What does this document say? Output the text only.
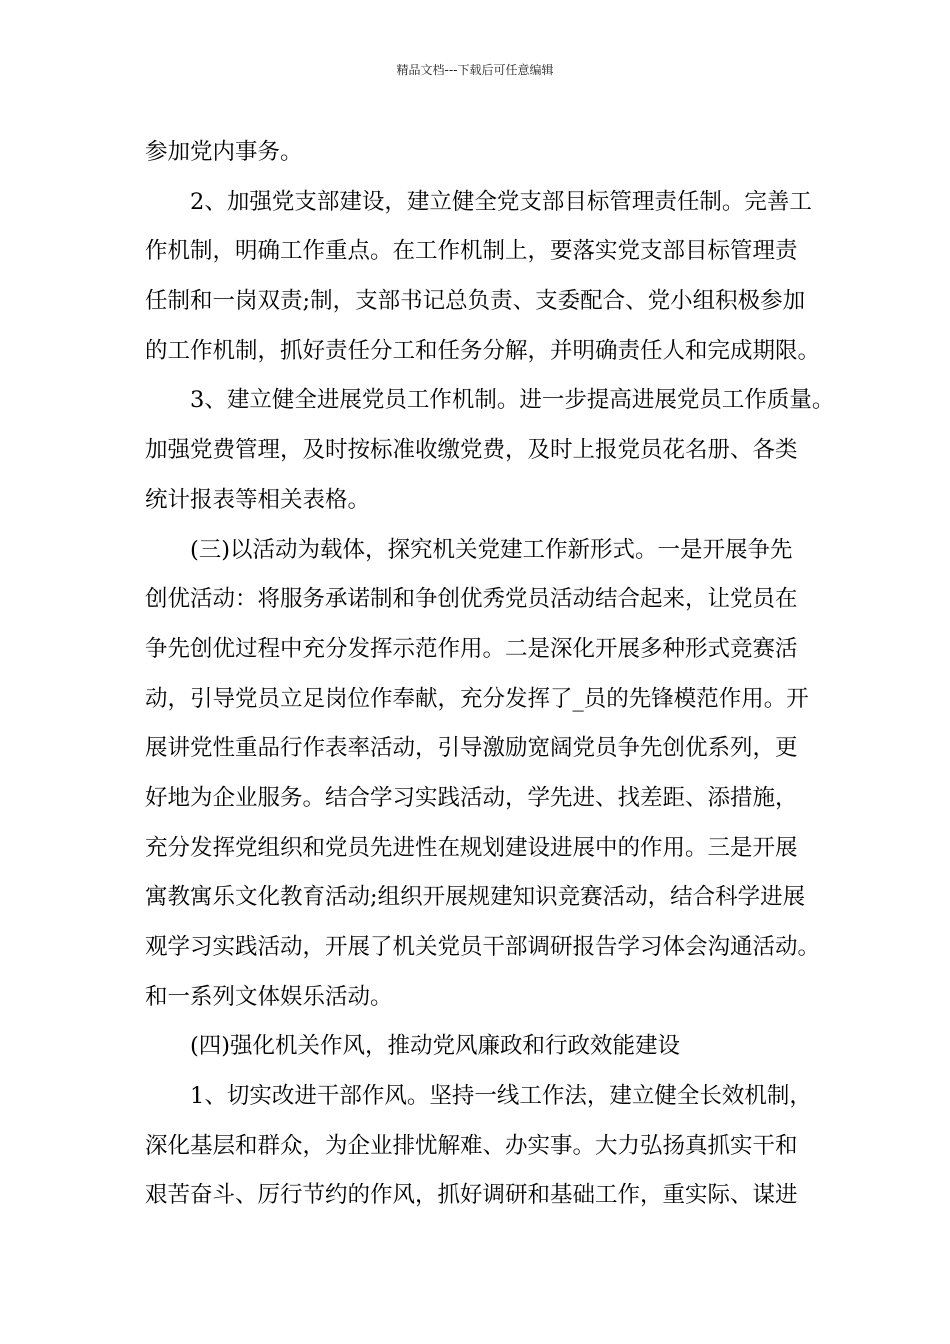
精品文档---下载后可任意编辑
参加党内事务。
2、加强党支部建设，建立健全党支部目标管理责任制。完善工
作机制，明确工作重点。在工作机制上，要落实党支部目标管理责
任制和一岗双责;制，支部书记总负责、支委配合、党小组积极参加
的工作机制，抓好责任分工和任务分解，并明确责任人和完成期限。
3、建立健全进展党员工作机制。进一步提高进展党员工作质量。
加强党费管理，及时按标准收缴党费，及时上报党员花名册、各类
统计报表等相关表格。
(三)以活动为载体，探究机关党建工作新形式。一是开展争先
创优活动：将服务承诺制和争创优秀党员活动结合起来，让党员在
争先创优过程中充分发挥示范作用。二是深化开展多种形式竞赛活
动，引导党员立足岗位作奉献，充分发挥了_员的先锋模范作用。开
展讲党性重品行作表率活动，引导激励宽阔党员争先创优系列，更
好地为企业服务。结合学习实践活动，学先进、找差距、添措施，
充分发挥党组织和党员先进性在规划建设进展中的作用。三是开展
寓教寓乐文化教育活动;组织开展规建知识竞赛活动，结合科学进展
观学习实践活动，开展了机关党员干部调研报告学习体会沟通活动。
和一系列文体娱乐活动。
(四)强化机关作风，推动党风廉政和行政效能建设
1、切实改进干部作风。坚持一线工作法，建立健全长效机制，
深化基层和群众，为企业排忧解难、办实事。大力弘扬真抓实干和
艰苦奋斗、厉行节约的作风，抓好调研和基础工作，重实际、谋进
